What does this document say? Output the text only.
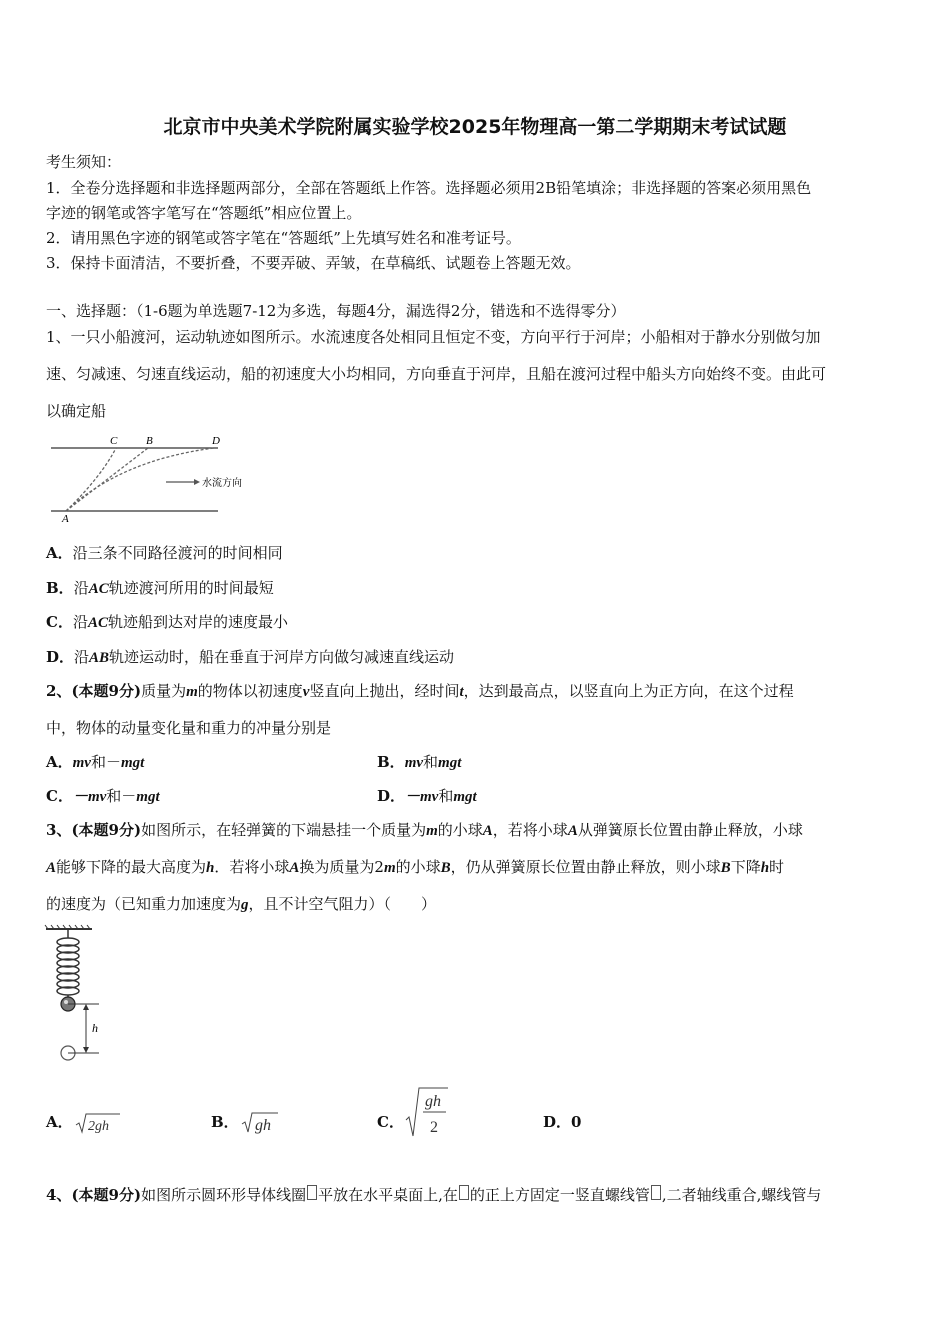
北京市中央美术学院附属实验学校2025年物理高一第二学期期末考试试题
考生须知：
1．全卷分选择题和非选择题两部分，全部在答题纸上作答。选择题必须用2B铅笔填涂；非选择题的答案必须用黑色
字迹的钢笔或答字笔写在“答题纸”相应位置上。
2．请用黑色字迹的钢笔或答字笔在“答题纸”上先填写姓名和准考证号。
3．保持卡面清洁，不要折叠，不要弄破、弄皱，在草稿纸、试题卷上答题无效。
一、选择题：（1-6题为单选题7-12为多选，每题4分，漏选得2分，错选和不选得零分）
1、一只小船渡河，运动轨迹如图所示。水流速度各处相同且恒定不变，方向平行于河岸；小船相对于静水分别做匀加
速、匀减速、匀速直线运动，船的初速度大小均相同，方向垂直于河岸，且船在渡河过程中船头方向始终不变。由此可
以确定船
C	B	D
A
水流方向
A．沿三条不同路径渡河的时间相同
B．沿AC轨迹渡河所用的时间最短
C．沿AC轨迹船到达对岸的速度最小
D．沿AB轨迹运动时，船在垂直于河岸方向做匀减速直线运动
2、(本题9分)质量为m的物体以初速度v竖直向上抛出，经时间t，达到最高点，以竖直向上为正方向，在这个过程
中，物体的动量变化量和重力的冲量分别是
A．mv和－mgt	B．mv和mgt
C．－mv和－mgt	D．－mv和mgt
3、(本题9分)如图所示，在轻弹簧的下端悬挂一个质量为m的小球A，若将小球A从弹簧原长位置由静止释放，小球
A能够下降的最大高度为h．若将小球A换为质量为2m的小球B，仍从弹簧原长位置由静止释放，则小球B下降h时
的速度为（已知重力加速度为g，且不计空气阻力）（　　）
h
A． 2gh	B． gh	C．
gh
2	D．0
4、(本题9分)如图所示圆环形导体线圈 平放在水平桌面上,在 的正上方固定一竖直螺线管 ,二者轴线重合,螺线管与
